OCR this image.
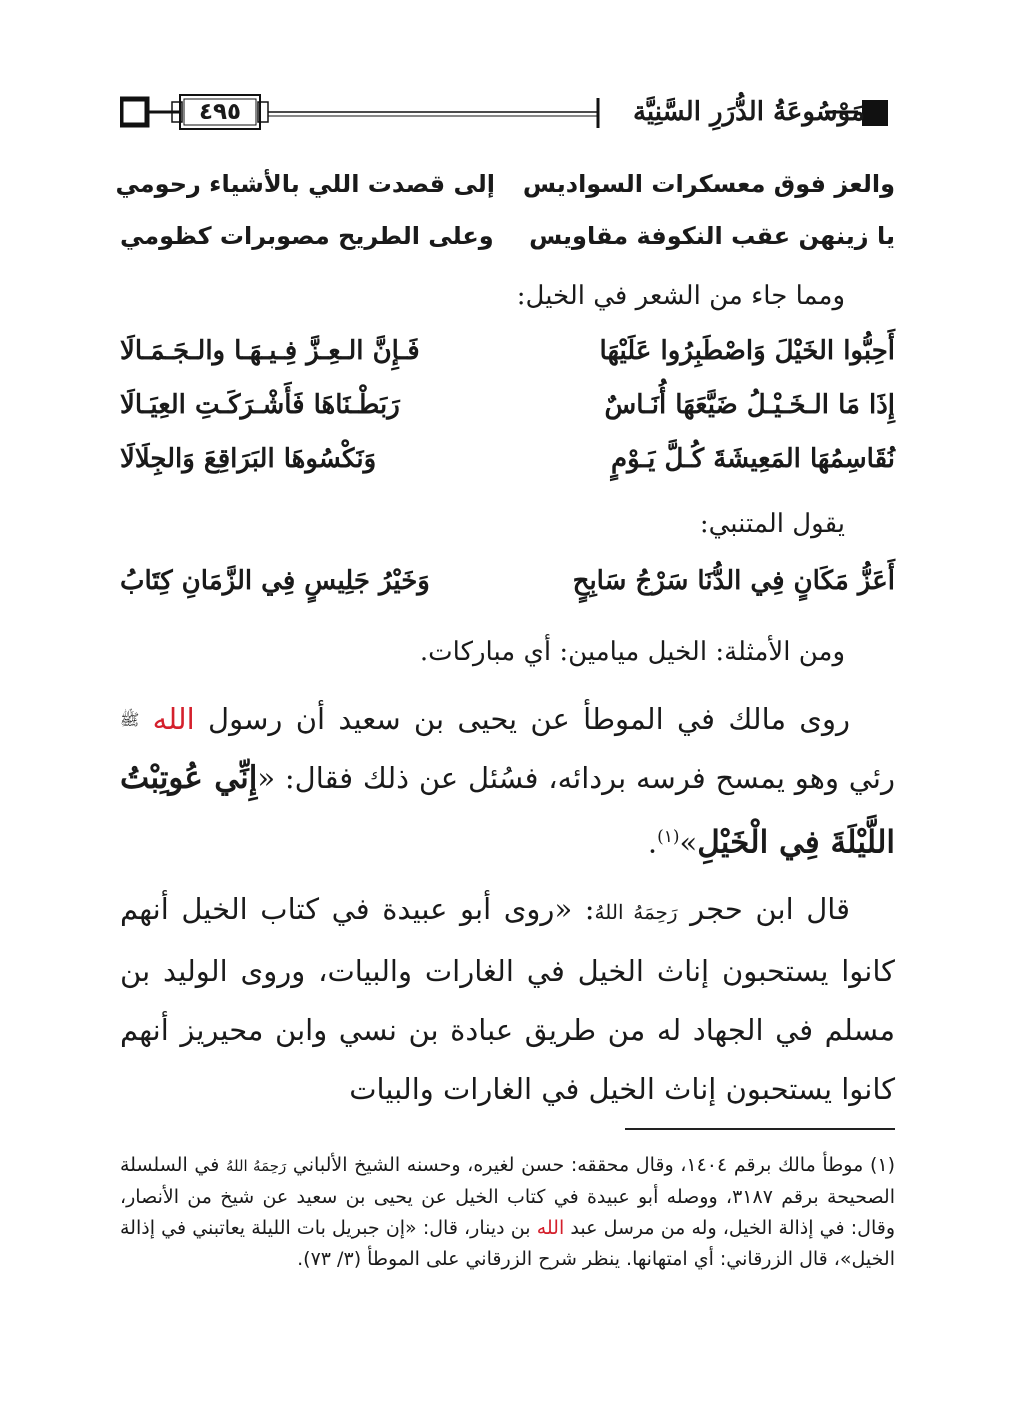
٤٩٥	مَوْسُوعَةُ الدُّرَرِ السَّنِيَّة
والعز فوق معسكرات السواديس
إلى قصدت اللي بالأشياء رحومي
يا زينهن عقب النكوفة مقاويس
وعلى الطريح مصوبرات كظومي
ومما جاء من الشعر في الخيل:
أَحِبُّوا الخَيْلَ وَاصْطَبِرُوا عَلَيْهَا
فَـإِنَّ الـعِـزَّ فِـيـهَـا والـجَـمَـالَا
إِذَا مَا الـخَـيْـلُ ضَيَّعَهَا أُنَـاسٌ
رَبَطْـنَاهَا فَأَشْـرَكَـتِ العِيَـالَا
نُقَاسِمُهَا المَعِيشَةَ كُـلَّ يَـوْمٍ
وَنَكْسُوهَا البَرَاقِعَ وَالجِلَالَا
يقول المتنبي:
أَعَزُّ مَكَانٍ فِي الدُّنَا سَرْجُ سَابِحٍ
وَخَيْرُ جَلِيسٍ فِي الزَّمَانِ كِتَابُ
ومن الأمثلة: الخيل ميامين: أي مباركات.
روى مالك في الموطأ عن يحيى بن سعيد أن رسول الله $^ﷺ$ رئي وهو يمسح فرسه بردائه، فسُئل عن ذلك فقال: «إِنِّي عُوتِبْتُ اللَّيْلَةَ فِي الْخَيْلِ»$^{(١)}$.
قال ابن حجر رَحِمَهُ اللهُ: «روى أبو عبيدة في كتاب الخيل أنهم كانوا يستحبون إناث الخيل في الغارات والبيات، وروى الوليد بن مسلم في الجهاد له من طريق عبادة بن نسي وابن محيريز أنهم كانوا يستحبون إناث الخيل في الغارات والبيات
(١) موطأ مالك برقم ١٤٠٤، وقال محققه: حسن لغيره، وحسنه الشيخ الألباني رَحِمَهُ اللهُ في السلسلة الصحيحة برقم ٣١٨٧، ووصله أبو عبيدة في كتاب الخيل عن يحيى بن سعيد عن شيخ من الأنصار، وقال: في إذالة الخيل، وله من مرسل عبد الله بن دينار، قال: «إن جبريل بات الليلة يعاتبني في إذالة الخيل»، قال الزرقاني: أي امتهانها. ينظر شرح الزرقاني على الموطأ (٣/ ٧٣).
